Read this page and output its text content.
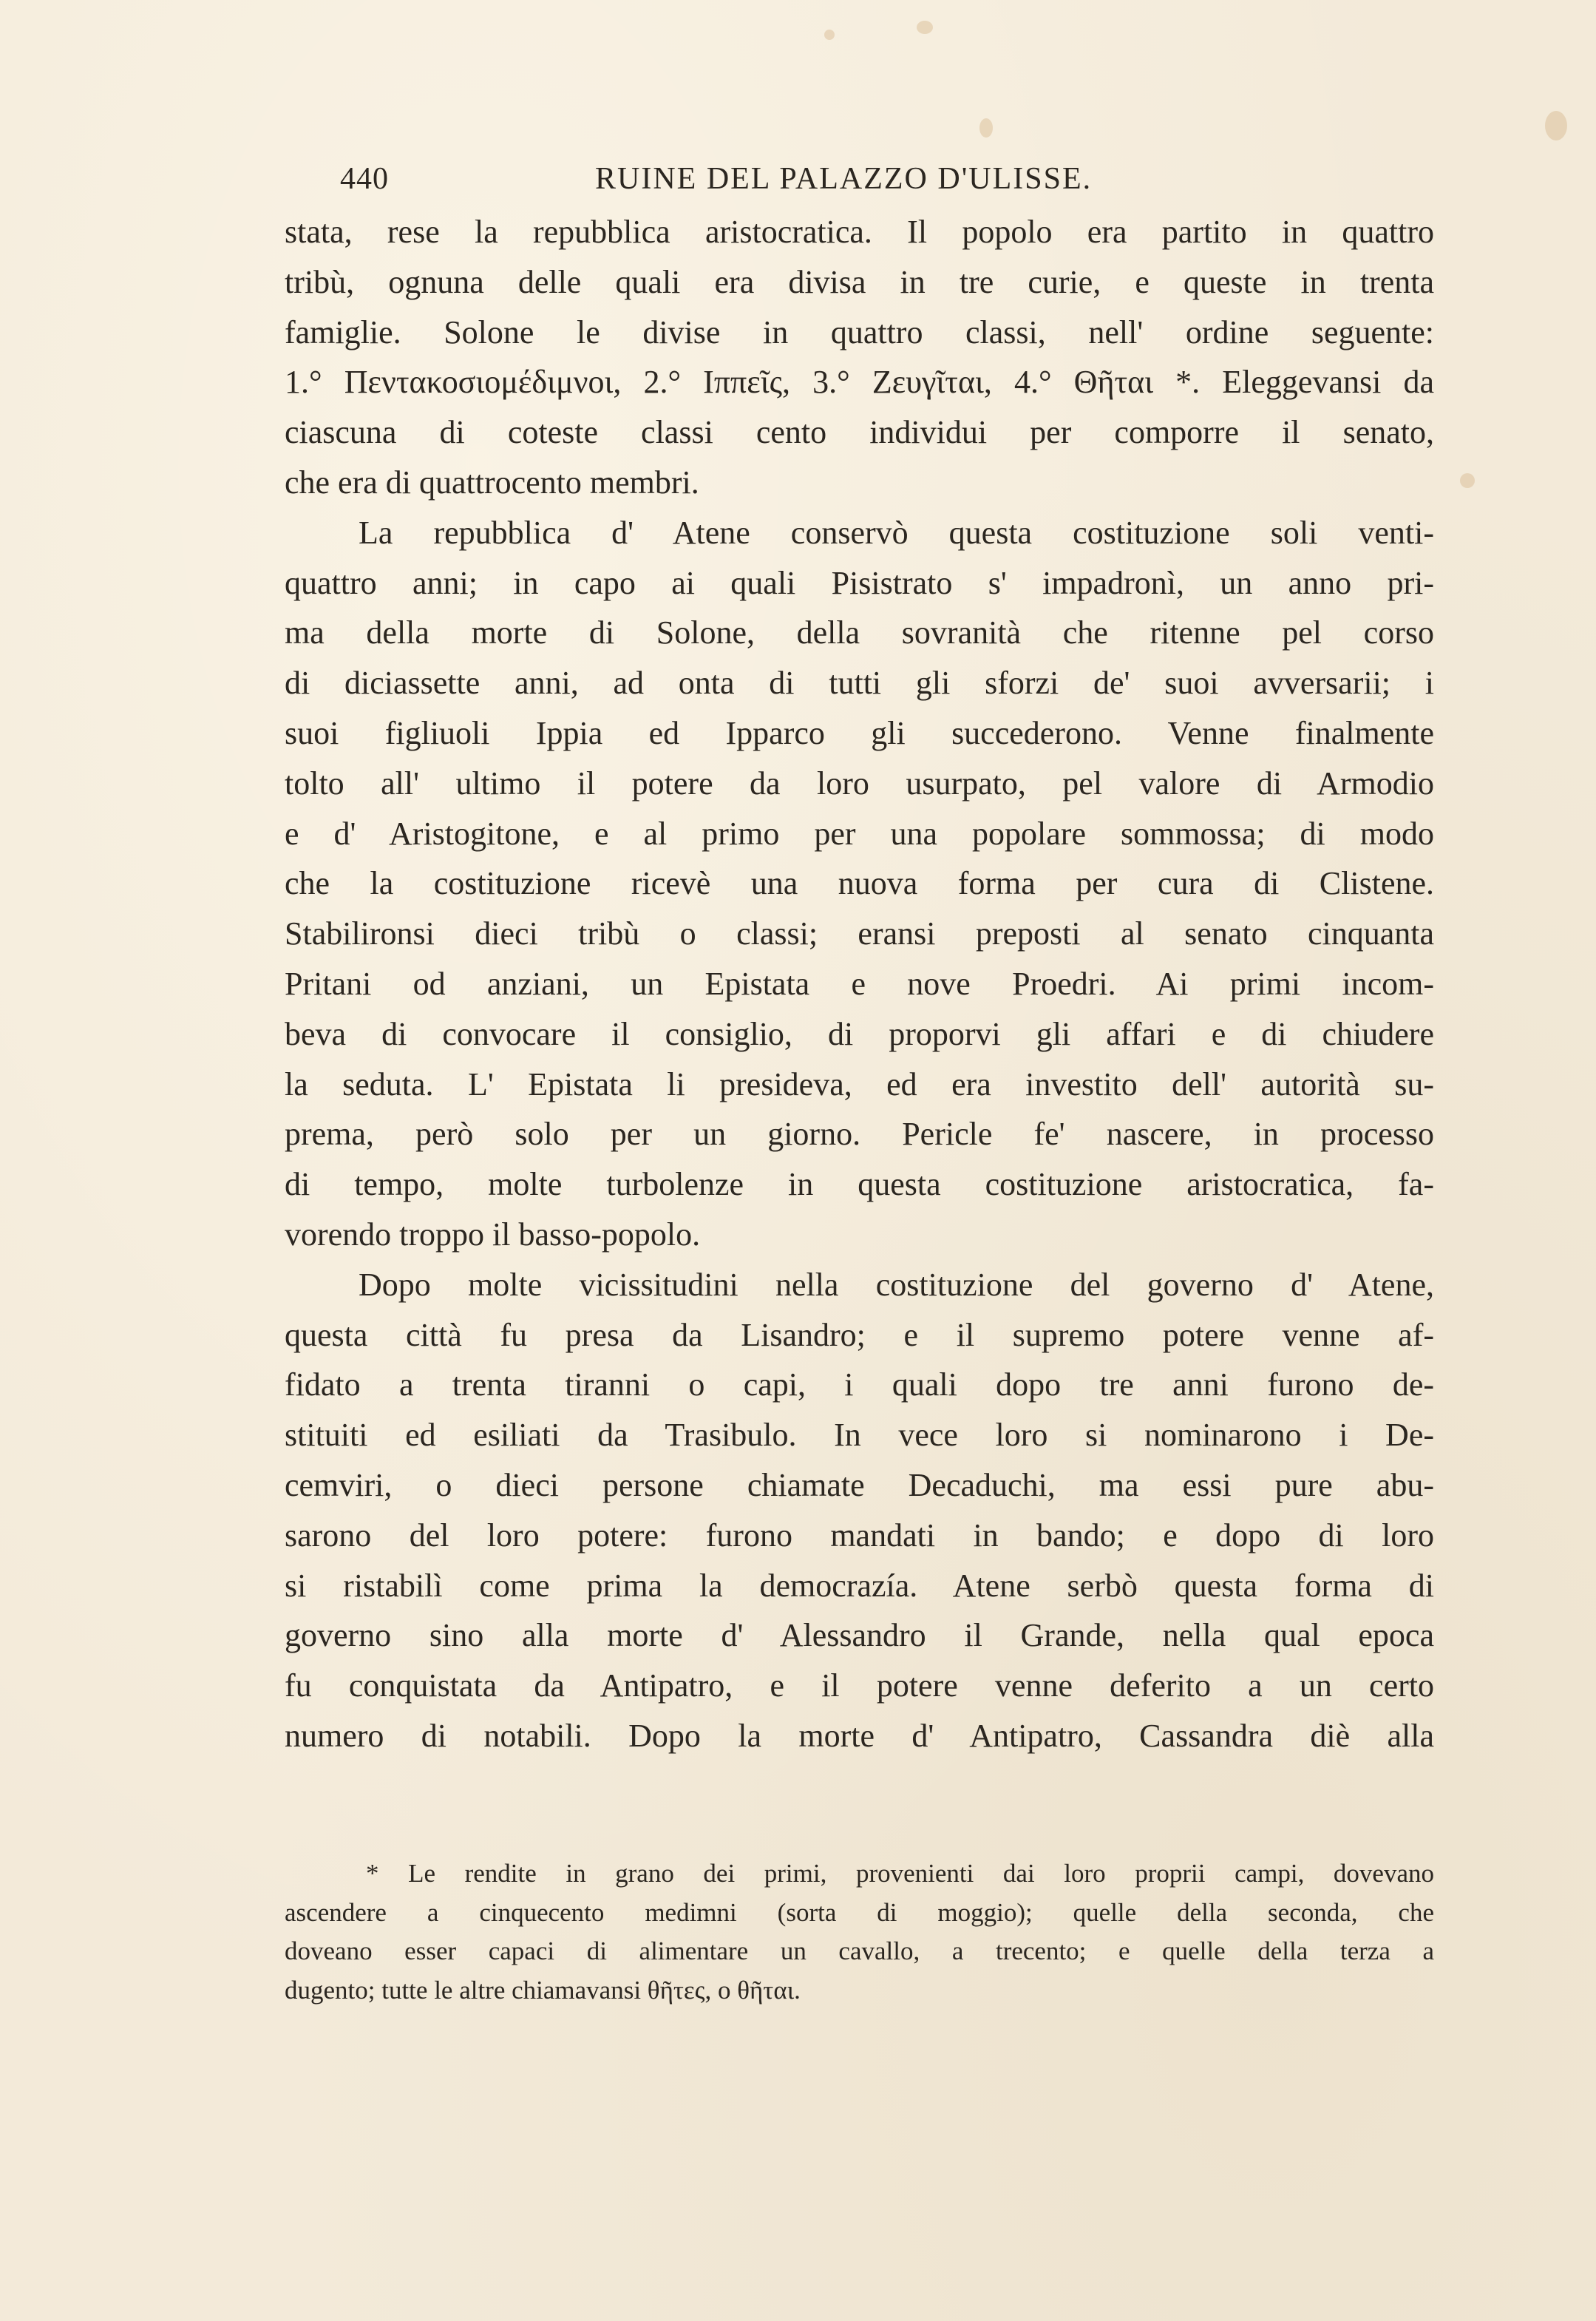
440	RUINE DEL PALAZZO D'ULISSE.
stata, rese la repubblica aristocratica. Il popolo era partito in quattro
tribù, ognuna delle quali era divisa in tre curie, e queste in trenta
famiglie. Solone le divise in quattro classi, nell' ordine seguente:
1.° Πεντακοσιομέδιμνοι, 2.° Ιππεῖς, 3.° Ζευγῖται, 4.° Θῆται *. Eleggevansi da
ciascuna di coteste classi cento individui per comporre il senato,
che era di quattrocento membri.
La repubblica d' Atene conservò questa costituzione soli venti-
quattro anni; in capo ai quali Pisistrato s' impadronì, un anno pri-
ma della morte di Solone, della sovranità che ritenne pel corso
di diciassette anni, ad onta di tutti gli sforzi de' suoi avversarii; i
suoi figliuoli Ippia ed Ipparco gli succederono. Venne finalmente
tolto all' ultimo il potere da loro usurpato, pel valore di Armodio
e d' Aristogitone, e al primo per una popolare sommossa; di modo
che la costituzione ricevè una nuova forma per cura di Clistene.
Stabilironsi dieci tribù o classi; eransi preposti al senato cinquanta
Pritani od anziani, un Epistata e nove Proedri. Ai primi incom-
beva di convocare il consiglio, di proporvi gli affari e di chiudere
la seduta. L' Epistata li presideva, ed era investito dell' autorità su-
prema, però solo per un giorno. Pericle fe' nascere, in processo
di tempo, molte turbolenze in questa costituzione aristocratica, fa-
vorendo troppo il basso-popolo.
Dopo molte vicissitudini nella costituzione del governo d' Atene,
questa città fu presa da Lisandro; e il supremo potere venne af-
fidato a trenta tiranni o capi, i quali dopo tre anni furono de-
stituiti ed esiliati da Trasibulo. In vece loro si nominarono i De-
cemviri, o dieci persone chiamate Decaduchi, ma essi pure abu-
sarono del loro potere: furono mandati in bando; e dopo di loro
si ristabilì come prima la democrazía. Atene serbò questa forma di
governo sino alla morte d' Alessandro il Grande, nella qual epoca
fu conquistata da Antipatro, e il potere venne deferito a un certo
numero di notabili. Dopo la morte d' Antipatro, Cassandra diè alla
* Le rendite in grano dei primi, provenienti dai loro proprii campi, dovevano
ascendere a cinquecento medimni (sorta di moggio); quelle della seconda, che
doveano esser capaci di alimentare un cavallo, a trecento; e quelle della terza a
dugento; tutte le altre chiamavansi θῆτες, o θῆται.
